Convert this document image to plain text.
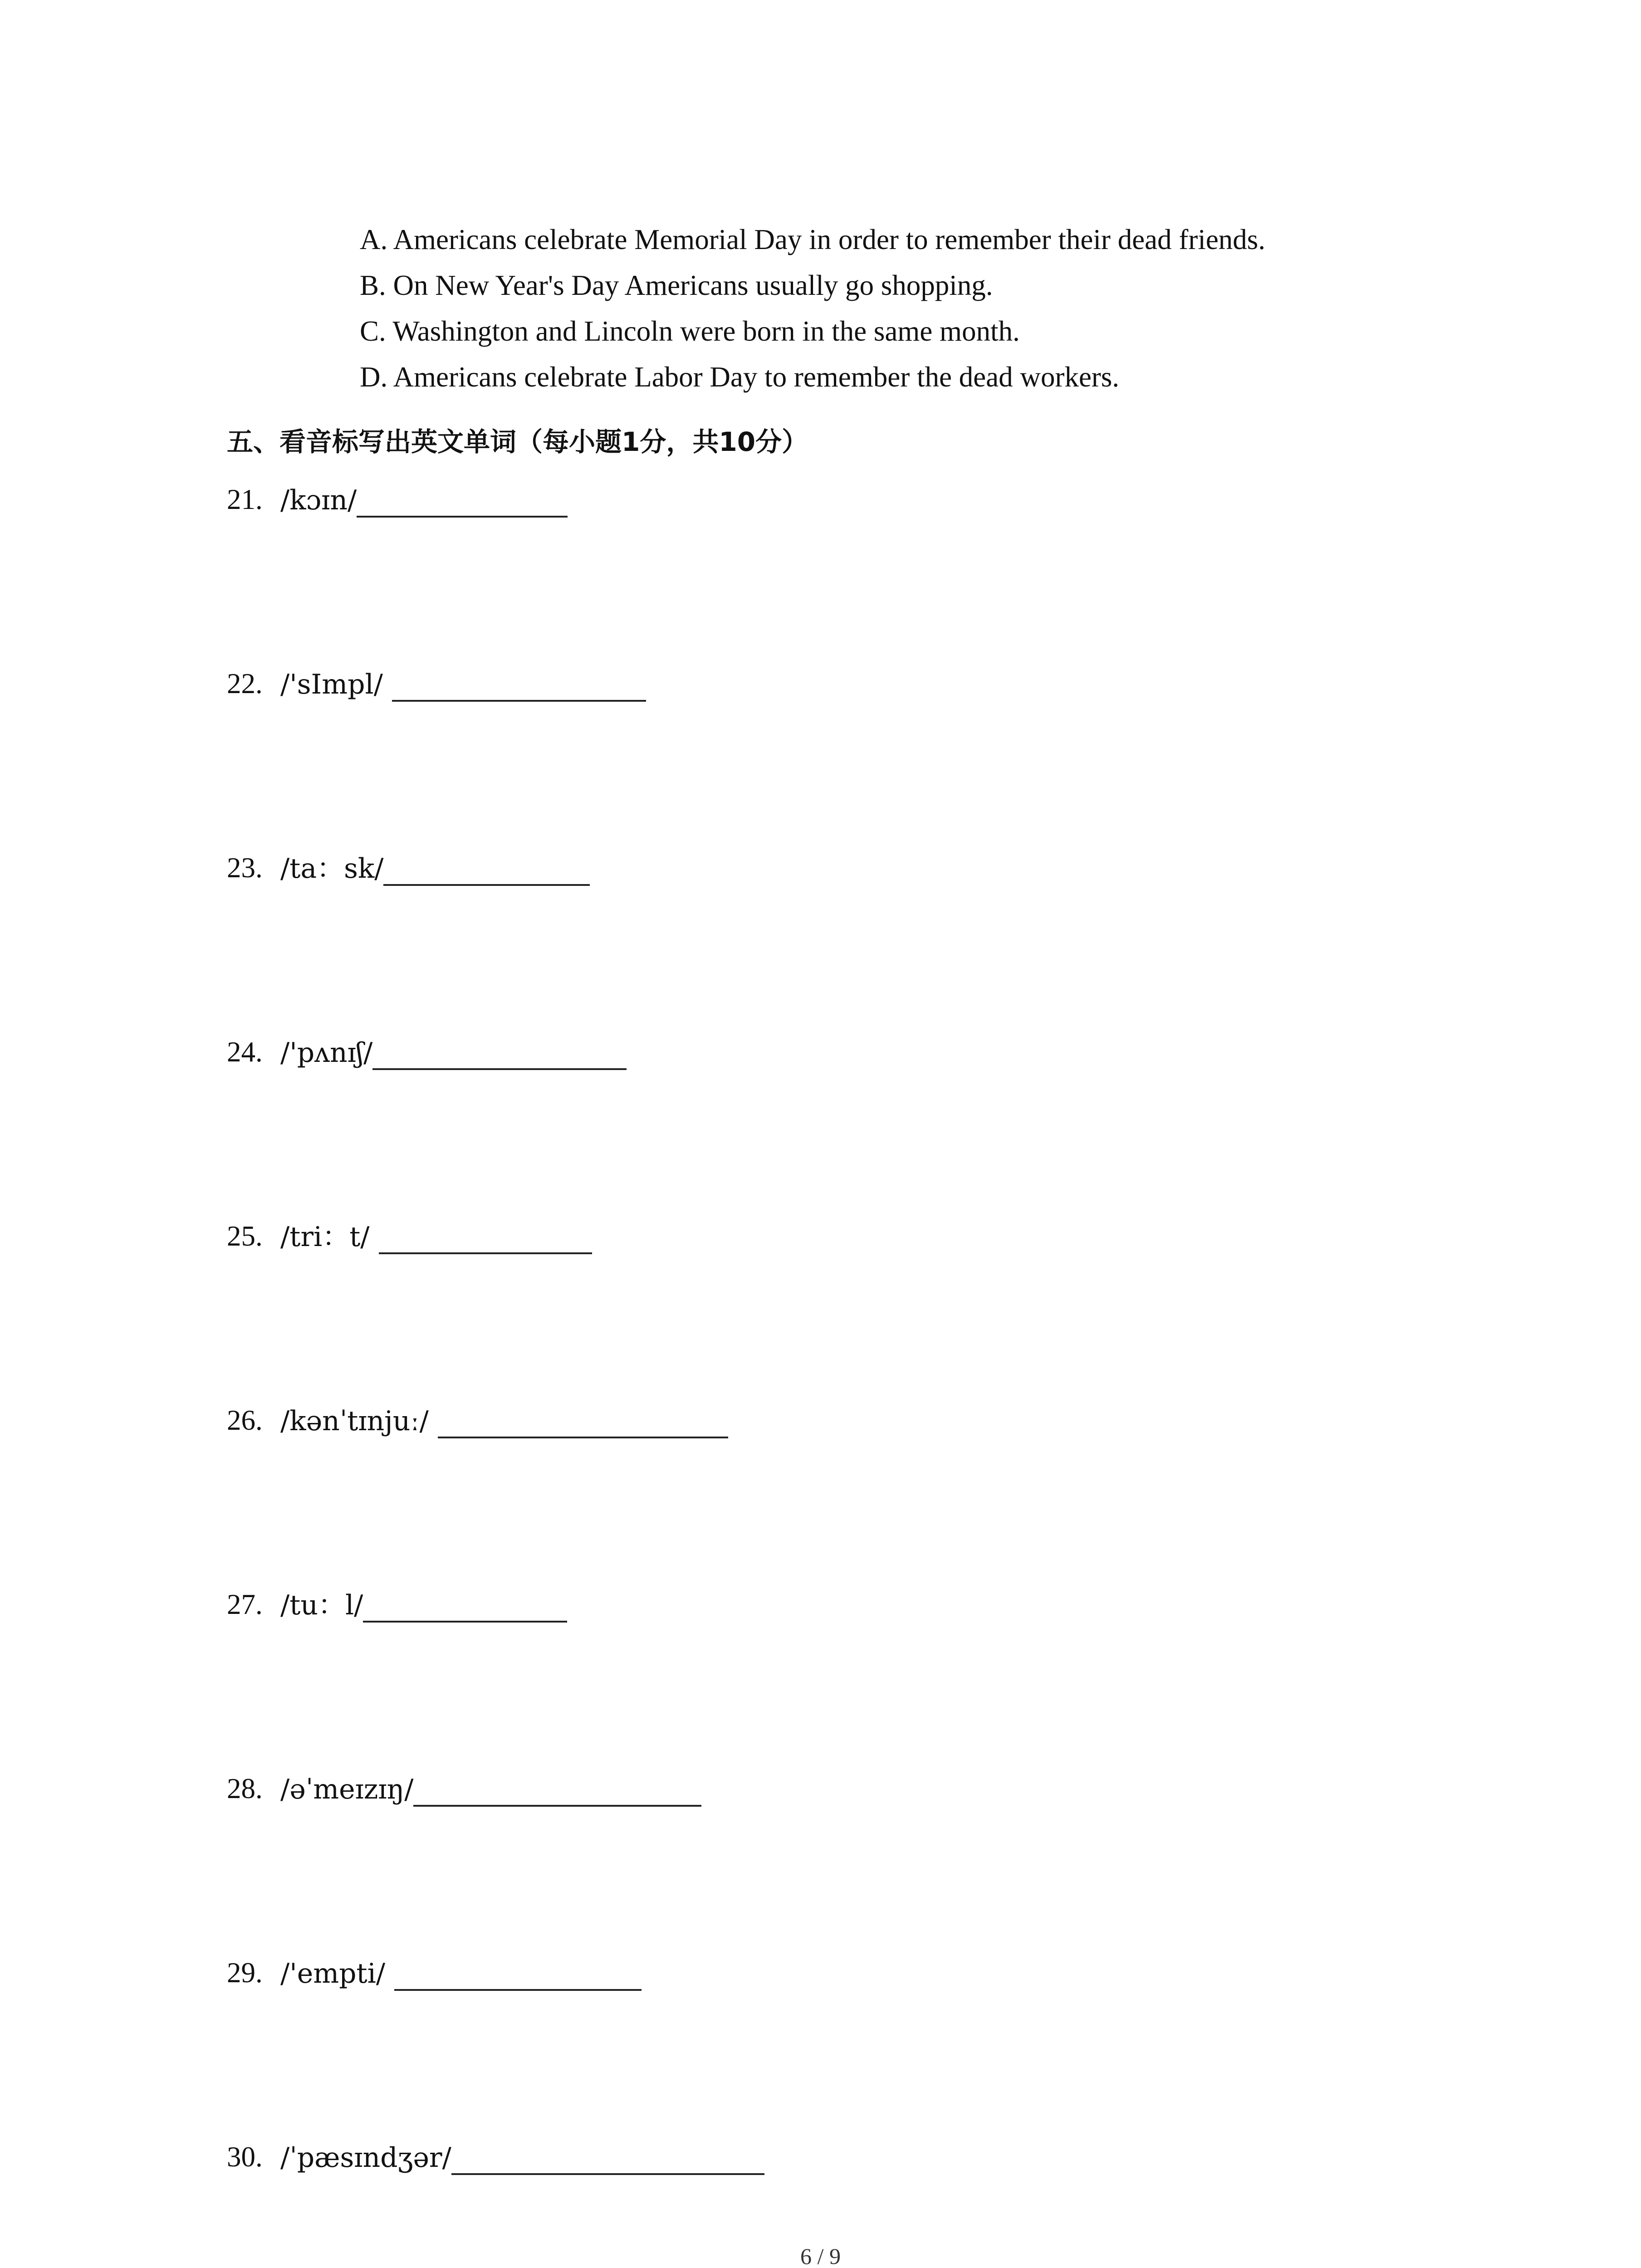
A. Americans celebrate Memorial Day in order to remember their dead friends.
B. On New Year's Day Americans usually go shopping.
C. Washington and Lincoln were born in the same month.
D. Americans celebrate Labor Day to remember the dead workers.
五、看音标写出英文单词（每小题1分，共10分）
21. /kɔɪn/
22. /'sImpl/
23. /ta：sk/
24. /'pʌnɪʃ/
25. /tri：t/
26. /kənˈtɪnjuː/
27. /tu：l/
28. /əˈmeɪzɪŋ/
29. /'empti/
30. /ˈpæsɪndʒər/
6 / 9
